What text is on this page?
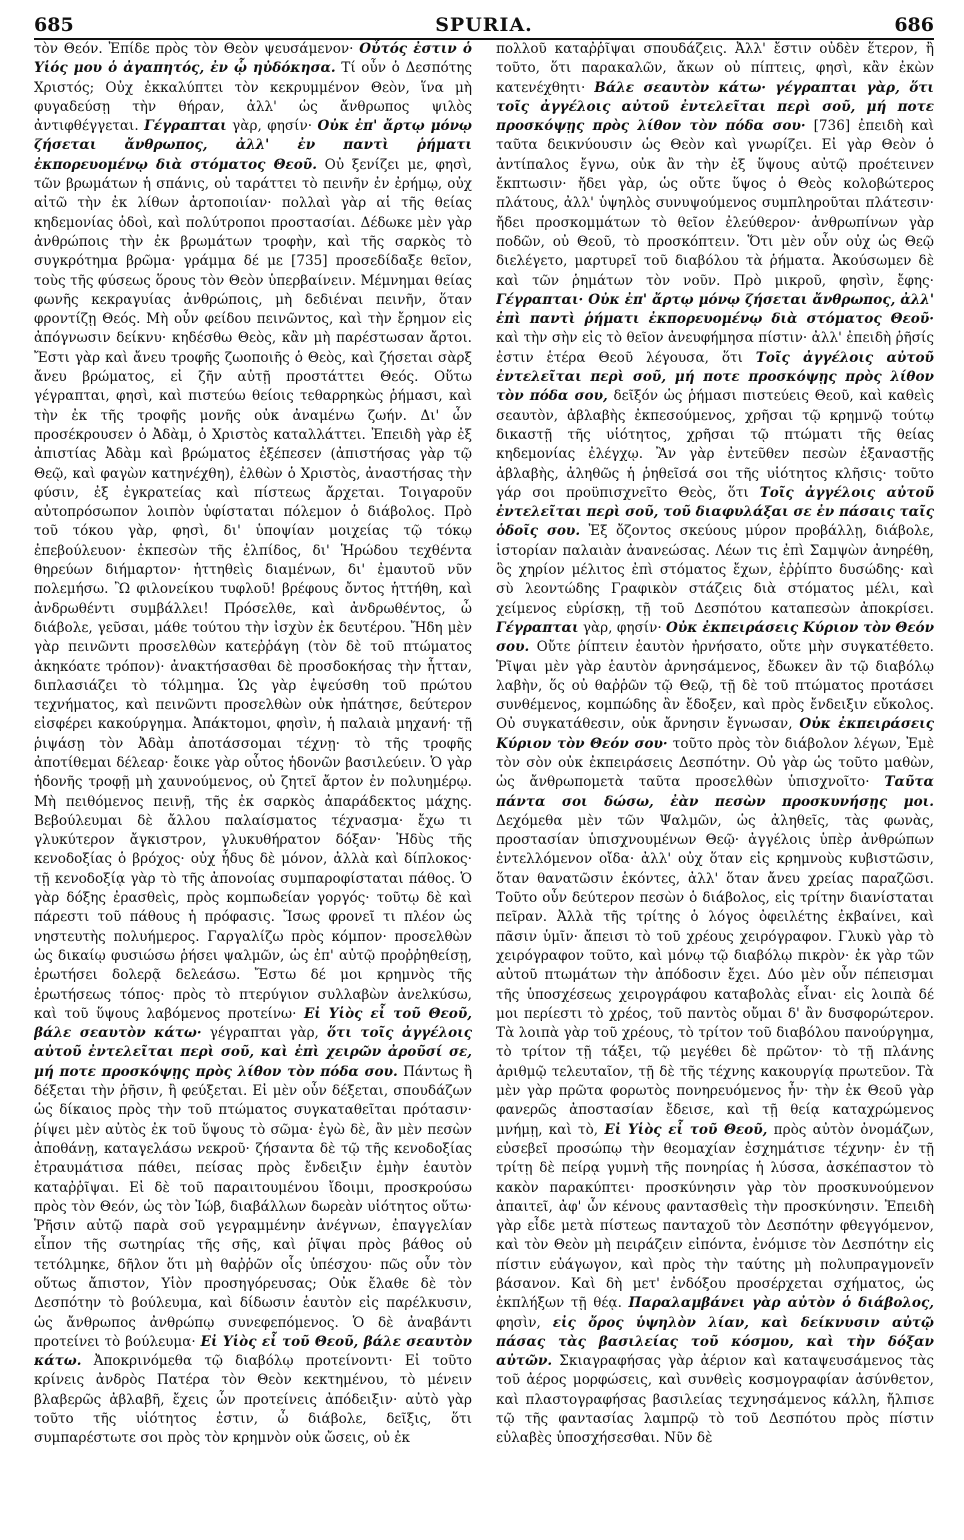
685	SPURIA.	686

τὸν Θεόν. Ἐπίδε πρὸς τὸν Θεὸν ψευσάμενον· Οὗτός ἐστιν ὁ Υἱός μου ὁ ἀγαπητός, ἐν ᾧ ηὐδόκησα. Τί οὖν ὁ Δεσπότης Χριστός; Οὐχ ἐκκαλύπτει τὸν κεκρυμμένον Θεὸν, ἵνα μὴ φυγαδεύσῃ τὴν θήραν, ἀλλ' ὡς ἄνθρωπος ψιλὸς ἀντιφθέγγεται. Γέγραπται γὰρ, φησίν· Οὐκ ἐπ' ἄρτῳ μόνῳ ζήσεται ἄνθρωπος, ἀλλ' ἐν παντὶ ῥήματι ἐκπορευομένῳ διὰ στόματος Θεοῦ. Οὐ ξενίζει με, φησὶ, τῶν βρωμάτων ἡ σπάνις, οὐ ταράττει τὸ πεινῆν ἐν ἐρήμῳ, οὐχ αἰτῶ τὴν ἐκ λίθων ἀρτοποιίαν· πολλαὶ γὰρ αἱ τῆς θείας κηδεμονίας ὁδοὶ, καὶ πολύτροποι προστασίαι. Δέδωκε μὲν γὰρ ἀνθρώποις τὴν ἐκ βρωμάτων τροφὴν, καὶ τῆς σαρκὸς τὸ συγκρότημα βρῶμα· γράμμα δέ με [735] προσεδίδαξε θεῖον, τοὺς τῆς φύσεως ὅρους τὸν Θεὸν ὑπερβαίνειν. Μέμνημαι θείας φωνῆς κεκραγυίας ἀνθρώποις, μὴ δεδιέναι πεινῆν, ὅταν φροντίζῃ Θεός. Μὴ οὖν φείδου πεινῶντος, καὶ τὴν ἔρημον εἰς ἀπόγνωσιν δείκνυ· κηδέσθω Θεὸς, κἂν μὴ παρέστωσαν ἄρτοι. Ἔστι γὰρ καὶ ἄνευ τροφῆς ζωοποιῆς ὁ Θεὸς, καὶ ζήσεται σὰρξ ἄνευ βρώματος, εἰ ζῆν αὐτῇ προστάττει Θεός. Οὕτω γέγραπται, φησὶ, καὶ πιστεύω θείοις τεθαρρηκὼς ῥήμασι, καὶ τὴν ἐκ τῆς τροφῆς μονῆς οὐκ ἀναμένω ζωήν. Δι' ὧν προσέκρουσεν ὁ Ἀδὰμ, ὁ Χριστὸς καταλλάττει. Ἐπειδὴ γὰρ ἐξ ἀπιστίας Ἀδὰμ καὶ βρώματος ἐξέπεσεν (ἀπιστήσας γὰρ τῷ Θεῷ, καὶ φαγὼν κατηνέχθη), ἐλθὼν ὁ Χριστὸς, ἀναστήσας τὴν φύσιν, ἐξ ἐγκρατείας καὶ πίστεως ἄρχεται. Τοιγαροῦν αὐτοπρόσωπον λοιπὸν ὑφίσταται πόλεμον ὁ διάβολος. Πρὸ τοῦ τόκου γὰρ, φησὶ, δι' ὑποψίαν μοιχείας τῷ τόκῳ ἐπεβούλευον· ἐκπεσὼν τῆς ἐλπίδος, δι' Ἡρώδου τεχθέντα θηρεύων διήμαρτον· ἡττηθεὶς διαμένων, δι' ἐμαυτοῦ νῦν πολεμήσω. Ὢ φιλονείκου τυφλοῦ! βρέφους ὄντος ἡττήθη, καὶ ἀνδρωθέντι συμβάλλει! Πρόσελθε, καὶ ἀνδρωθέντος, ὦ διάβολε, γεῦσαι, μάθε τούτου τὴν ἰσχὺν ἐκ δευτέρου. Ἤδη μὲν γὰρ πεινῶντι προσελθὼν κατεῤῥάγη (τὸν δὲ τοῦ πτώματος ἀκηκόατε τρόπον)· ἀνακτήσασθαι δὲ προσδοκήσας τὴν ἧτταν, διπλασιάζει τὸ τόλμημα. Ὡς γὰρ ἐψεύσθη τοῦ πρώτου τεχνήματος, καὶ πεινῶντι προσελθὼν οὐκ ἠπάτησε, δεύτερον εἰσφέρει κακούργημα. Ἀπάκτομοι, φησὶν, ἡ παλαιὰ μηχανή· τῇ ῥιψάσῃ τὸν Ἀδὰμ ἀποτάσσομαι τέχνῃ· τὸ τῆς τροφῆς ἀποτίθεμαι δέλεαρ· ἔοικε γὰρ οὗτος ἡδονῶν βασιλεύειν. Ὁ γὰρ ἡδονῆς τροφῇ μὴ χαυνούμενος, οὐ ζητεῖ ἄρτον ἐν πολυημέρῳ. Μὴ πειθόμενος πεινῇ, τῆς ἐκ σαρκὸς ἀπαράδεκτος μάχης. Βεβούλευμαι δὲ ἄλλου παλαίσματος τέχνασμα· ἔχω τι γλυκύτερον ἄγκιστρον, γλυκυθήρατον δόξαν· Ἡδὺς τῆς κενοδοξίας ὁ βρόχος· οὐχ ἧδυς δὲ μόνον, ἀλλὰ καὶ δίπλοκος· τῇ κενοδοξίᾳ γὰρ τὸ τῆς ἀπονοίας συμπαροφίσταται πάθος. Ὁ γὰρ δόξης ἐρασθεὶς, πρὸς κομπωδείαν γοργός· τοῦτῳ δὲ καὶ πάρεστι τοῦ πάθους ἡ πρόφασις. Ἴσως φρονεῖ τι πλέον ὡς νηστευτὴς πολυήμερος. Γαργαλίζω πρὸς κόμπον· προσελθὼν ὡς δικαίῳ φυσιώσω ῥήσει ψαλμῶν, ὡς ἐπ' αὐτῷ προῤῥηθείσῃ, ἐρωτήσει δολερᾷ δελεάσω. Ἔστω δέ μοι κρημνὸς τῆς ἐρωτήσεως τόπος· πρὸς τὸ πτερύγιον συλλαβὼν ἀνελκύσω, καὶ τοῦ ὕψους λαβόμενος προτείνω· Εἰ Υἱὸς εἶ τοῦ Θεοῦ, βάλε σεαυτὸν κάτω· γέγραπται γὰρ, ὅτι τοῖς ἀγγέλοις αὐτοῦ ἐντελεῖται περὶ σοῦ, καὶ ἐπὶ χειρῶν ἀροῦσί σε, μή ποτε προσκόψῃς πρὸς λίθον τὸν πόδα σου. Πάντως ἢ δέξεται τὴν ῥῆσιν, ἢ φεύξεται. Εἰ μὲν οὖν δέξεται, σπουδάζων ὡς δίκαιος πρὸς τὴν τοῦ πτώματος συγκαταθεῖται πρότασιν· ῥίψει μὲν αὐτὸς ἐκ τοῦ ὕψους τὸ σῶμα· ἐγὼ δὲ, ἂν μὲν πεσὼν ἀποθάνῃ, καταγελάσω νεκροῦ· ζήσαντα δὲ τῷ τῆς κενοδοξίας ἐτραυμάτισα πάθει, πείσας πρὸς ἔνδειξιν ἐμὴν ἑαυτὸν καταῤῥῖψαι. Εἰ δὲ τοῦ παραιτουμένου ἴδοιμι, προσκρούσω πρὸς τὸν Θεόν, ὡς τὸν Ἰώβ, διαβάλλων δωρεὰν υἱότητος οὕτω· Ῥῆσιν αὐτῷ παρὰ σοῦ γεγραμμένην ἀνέγνων, ἐπαγγελίαν εἶπον τῆς σωτηρίας τῆς σῆς, καὶ ῥῖψαι πρὸς βάθος οὐ τετόλμηκε, δῆλον ὅτι μὴ θαῤῥῶν οἷς ὑπέσχου· πῶς οὖν τὸν οὕτως ἄπιστον, Υἱὸν προσηγόρευσας; Οὐκ ἔλαθε δὲ τὸν Δεσπότην τὸ βούλευμα, καὶ δίδωσιν ἑαυτὸν εἰς παρέλκυσιν, ὡς ἄνθρωπος ἀνθρώπῳ συνεφεπόμενος. Ὁ δὲ ἀναβάντι προτείνει τὸ βούλευμα· Εἰ Υἱὸς εἶ τοῦ Θεοῦ, βάλε σεαυτὸν κάτω. Ἀποκρινόμεθα τῷ διαβόλῳ προτείνοντι· Εἰ τοῦτο κρίνεις ἀνδρὸς Πατέρα τὸν Θεὸν κεκτημένου, τὸ μένειν βλαβερῶς ἀβλαβῆ, ἔχεις ὧν προτείνεις ἀπόδειξιν· αὐτὸ γὰρ τοῦτο τῆς υἱότητος ἐστιν, ὦ διάβολε, δεῖξις, ὅτι συμπαρέστωτε σοι πρὸς τὸν κρημνὸν οὐκ ὤσεις, οὐ ἐκ

πολλοῦ καταῤῥῖψαι σπουδάζεις. Ἀλλ' ἔστιν οὐδὲν ἕτερον, ἢ τοῦτο, ὅτι παρακαλῶν, ἄκων οὐ πίπτεις, φησὶ, κἂν ἐκὼν κατενέχθητι· Βάλε σεαυτὸν κάτω· γέγραπται γὰρ, ὅτι τοῖς ἀγγέλοις αὐτοῦ ἐντελεῖται περὶ σοῦ, μή ποτε προσκόψῃς πρὸς λίθον τὸν πόδα σου· [736] ἐπειδὴ καὶ ταῦτα δεικνύουσιν ὡς Θεὸν καὶ γνωρίζει. Εἰ γὰρ Θεὸν ὁ ἀντίπαλος ἔγνω, οὐκ ἂν τὴν ἐξ ὕψους αὐτῷ προέτεινεν ἔκπτωσιν· ἤδει γὰρ, ὡς οὔτε ὕψος ὁ Θεὸς κολοβώτερος πλάτους, ἀλλ' ὑψηλὸς συνυψούμενος συμπληροῦται πλάτεσιν· ἤδει προσκομμάτων τὸ θεῖον ἐλεύθερον· ἀνθρωπίνων γὰρ ποδῶν, οὐ Θεοῦ, τὸ προσκόπτειν. Ὅτι μὲν οὖν οὐχ ὡς Θεῷ διελέγετο, μαρτυρεῖ τοῦ διαβόλου τὰ ῥήματα. Ἀκούσωμεν δὲ καὶ τῶν ῥημάτων τὸν νοῦν. Πρὸ μικροῦ, φησὶν, ἔφης· Γέγραπται· Οὐκ ἐπ' ἄρτῳ μόνῳ ζήσεται ἄνθρωπος, ἀλλ' ἐπὶ παντὶ ῥήματι ἐκπορευομένῳ διὰ στόματος Θεοῦ· καὶ τὴν σὴν εἰς τὸ θεῖον ἀνευφήμησα πίστιν· ἀλλ' ἐπειδὴ ῥῆσίς ἐστιν ἑτέρα Θεοῦ λέγουσα, ὅτι Τοῖς ἀγγέλοις αὐτοῦ ἐντελεῖται περὶ σοῦ, μή ποτε προσκόψῃς πρὸς λίθον τὸν πόδα σου, δεῖξόν ὡς ῥήμασι πιστεύεις Θεοῦ, καὶ καθεὶς σεαυτὸν, ἀβλαβὴς ἐκπεσούμενος, χρῆσαι τῷ κρημνῷ τούτῳ δικαστῇ τῆς υἱότητος, χρῆσαι τῷ πτώματι τῆς θείας κηδεμονίας ἐλέγχῳ. Ἂν γὰρ ἐντεῦθεν πεσὼν ἐξαναστῇς ἀβλαβὴς, ἀληθῶς ἡ ῥηθεῖσά σοι τῆς υἱότητος κλῆσις· τοῦτο γάρ σοι προϋπισχνεῖτο Θεὸς, ὅτι Τοῖς ἀγγέλοις αὐτοῦ ἐντελεῖται περὶ σοῦ, τοῦ διαφυλάξαι σε ἐν πάσαις ταῖς ὁδοῖς σου. Ἐξ ὄζοντος σκεύους μύρον προβάλλῃ, διάβολε, ἱστορίαν παλαιὰν ἀνανεώσας. Λέων τις ἐπὶ Σαμψὼν ἀνηρέθη, ὃς χηρίον μέλιτος ἐπὶ στόματος ἔχων, ἐῤῥίπτο δυσώδης· καὶ σὺ λεοντώδης Γραφικὸν στάζεις διὰ στόματος μέλι, καὶ χείμενος εὑρίσκῃ, τῇ τοῦ Δεσπότου καταπεσὼν ἀποκρίσει. Γέγραπται γὰρ, φησίν· Οὐκ ἐκπειράσεις Κύριον τὸν Θεόν σου. Οὔτε ῥίπτειν ἑαυτὸν ἠρνήσατο, οὔτε μὴν συγκατέθετο. Ῥῖψαι μὲν γὰρ ἑαυτὸν ἀρνησάμενος, ἔδωκεν ἂν τῷ διαβόλῳ λαβὴν, ὅς οὐ θαῤῥῶν τῷ Θεῷ, τῇ δὲ τοῦ πτώματος προτάσει συνθέμενος, κομπώδης ἂν ἔδοξεν, καὶ πρὸς ἔνδειξιν εὔκολος. Οὐ συγκατάθεσιν, οὐκ ἄρνησιν ἔγνωσαν, Οὐκ ἐκπειράσεις Κύριον τὸν Θεόν σου· τοῦτο πρὸς τὸν διάβολον λέγων, Ἐμὲ τὸν σὸν οὐκ ἐκπειράσεις Δεσπότην. Οὐ γὰρ ὡς τοῦτο μαθὼν, ὡς ἄνθρωπομετὰ ταῦτα προσελθὼν ὑπισχνοῖτο· Ταῦτα πάντα σοι δώσω, ἐὰν πεσὼν προσκυνήσῃς μοι. Δεχόμεθα μὲν τῶν Ψαλμῶν, ὡς ἀληθεῖς, τὰς φωνὰς, προστασίαν ὑπισχνουμένων Θεῷ· ἀγγέλοις ὑπὲρ ἀνθρώπων ἐντελλόμενον οἴδα· ἀλλ' οὐχ ὅταν εἰς κρημνοὺς κυβιστῶσιν, ὅταν θανατῶσιν ἑκόντες, ἀλλ' ὅταν ἄνευ χρείας παραζῶσι. Τοῦτο οὖν δεύτερον πεσὼν ὁ διάβολος, εἰς τρίτην διανίσταται πεῖραν. Ἀλλὰ τῆς τρίτης ὁ λόγος ὀφειλέτης ἐκβαίνει, καὶ πᾶσιν ὑμῖν· ἄπεισι τὸ τοῦ χρέους χειρόγραφον. Γλυκὺ γὰρ τὸ χειρόγραφον τοῦτο, καὶ μόνῳ τῷ διαβόλῳ πικρὸν· ἐκ γὰρ τῶν αὐτοῦ πτωμάτων τὴν ἀπόδοσιν ἔχει. Δύο μὲν οὖν πέπεισμαι τῆς ὑποσχέσεως χειρογράφου καταβολὰς εἶναι· εἰς λοιπὰ δέ μοι περίεστι τὸ χρέος, τοῦ παντὸς οὔμαι δ' ἂν δυσφορώτερον. Τὰ λοιπὰ γὰρ τοῦ χρέους, τὸ τρίτον τοῦ διαβόλου πανούργημα, τὸ τρίτον τῇ τάξει, τῷ μεγέθει δὲ πρῶτον· τὸ τῇ πλάνης ἀριθμῷ τελευταῖον, τῇ δὲ τῆς τέχνης κακουργίᾳ πρωτεῦον. Τὰ μὲν γὰρ πρῶτα φορωτὸς πονηρευόμενος ἦν· τὴν ἐκ Θεοῦ γὰρ φανερῶς ἀποστασίαν ἔδεισε, καὶ τῇ θείᾳ καταχρώμενος μνήμῃ, καὶ τὸ, Εἰ Υἱὸς εἶ τοῦ Θεοῦ, πρὸς αὐτὸν ὀνομάζων, εὐσεβεῖ προσώπῳ τὴν θεομαχίαν ἐσχημάτισε τέχνην· ἐν τῇ τρίτῃ δὲ πείρᾳ γυμνὴ τῆς πονηρίας ἡ λύσσα, ἀσκέπαστον τὸ κακὸν παρακύπτει· προσκύνησιν γὰρ τὸν προσκυνούμενον ἀπαιτεῖ, ἀφ' ὧν κένους φαντασθεὶς τὴν προσκύνησιν. Ἐπειδὴ γὰρ εἶδε μετὰ πίστεως πανταχοῦ τὸν Δεσπότην φθεγγόμενον, καὶ τὸν Θεὸν μὴ πειράζειν εἰπόντα, ἐνόμισε τὸν Δεσπότην εἰς πίστιν εὐάγωγον, καὶ πρὸς τὴν ταύτης μὴ πολυπραγμονεῖν βάσανον. Καὶ δὴ μετ' ἐνδόξου προσέρχεται σχήματος, ὡς ἐκπλήξων τῇ θέᾳ. Παραλαμβάνει γὰρ αὐτὸν ὁ διάβολος, φησὶν, εἰς ὄρος ὑψηλὸν λίαν, καὶ δείκνυσιν αὐτῷ πάσας τὰς βασιλείας τοῦ κόσμου, καὶ τὴν δόξαν αὐτῶν. Σκιαγραφήσας γὰρ ἀέριον καὶ καταψευσάμενος τὰς τοῦ ἀέρος μορφώσεις, καὶ συνθεὶς κοσμογραφίαν ἀσύνθετον, καὶ πλαστογραφήσας βασιλείας τεχνησάμενος κάλλη, ἤλπισε τῷ τῆς φαντασίας λαμπρῷ τὸ τοῦ Δεσπότου πρὸς πίστιν εὐλαβὲς ὑποσχήσεσθαι. Νῦν δὲ
